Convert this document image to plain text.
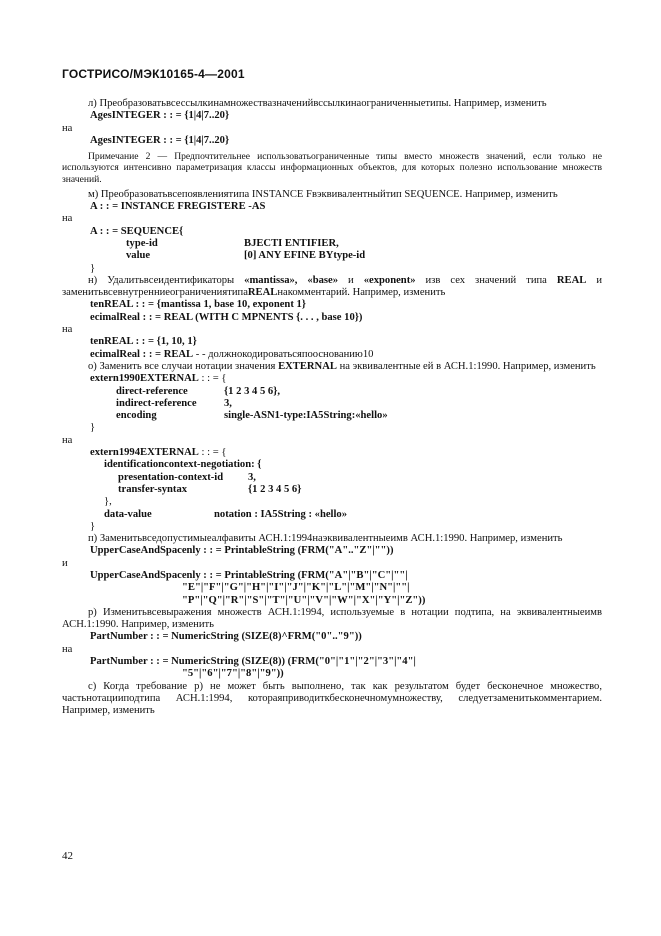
ГОСТРИСО/МЭК10165-4—2001
л) Преобразоватьвсессылкинамножествазначенийвссылкинаограниченныетипы. Например, изменить
AgesINTEGER : : = {1|4|7..20}
на
AgesINTEGER : : = {1|4|7..20}
Примечание 2 — Предпочтительнее использоватьограниченные типы вместо множеств значений, если только не используются интенсивно параметризация классы информационных объектов, для которых полезно использование множеств значений.
м) Преобразоватьвсепоявлениятипа INSTANCE Fвэквивалентныйтип SEQUENCE. Например, изменить
A : : = INSTANCE FREGISTERE -AS
на
A : : = SEQUENCE{
type-id	BJECTI ENTIFIER,
value	[0] ANY EFINE BYtype-id
}
н) Удалитьвсеидентификаторы «mantissa», «base» и «exponent» изв сех значений типа REAL и заменитьвсевнутренниеограничениятипаREALнакомментарий. Например, изменить
tenREAL : : = {mantissa 1, base 10, exponent 1}
ecimalReal : : = REAL (WITH C MPNENTS {. . . , base 10})
на
tenREAL : : = {1, 10, 1}
ecimalReal : : = REAL - - должнокодироватьсяпооснованию10
о) Заменить все случаи нотации значения EXTERNAL на эквивалентные ей в АСН.1:1990. Например, изменить
extern1990EXTERNAL : : = {
direct-reference	{1 2 3 4 5 6},
indirect-reference	3,
encoding	single-ASN1-type:IA5String:«hello»
}
на
extern1994EXTERNAL : : = {
identificationcontext-negotiation: {
presentation-context-id	3,
transfer-syntax	{1 2 3 4 5 6}
},
data-value	notation : IA5String : «hello»
}
п) Заменитьвседопустимыеалфавиты АСН.1:1994наэквивалентныеимв АСН.1:1990. Например, изменить
UpperCaseAndSpacenly : : = PrintableString (FRM("A".."Z"|""))
и
UpperCaseAndSpacenly : : = PrintableString (FRM("A"|"B"|"C"|""|
"E"|"F"|"G"|"H"|"I"|"J"|"K"|"L"|"M"|"N"|""|
"P"|"Q"|"R"|"S"|"T"|"U"|"V"|"W"|"X"|"Y"|"Z"))
р) Изменитьвсевыражения множеств АСН.1:1994, используемые в нотации подтипа, на эквивалентныеимв АСН.1:1990. Например, изменить
PartNumber : : = NumericString (SIZE(8)^FRM("0".."9"))
на
PartNumber : : = NumericString (SIZE(8)) (FRM("0"|"1"|"2"|"3"|"4"|
"5"|"6"|"7"|"8"|"9"))
с) Когда требование р) не может быть выполнено, так как результатом будет бесконечное множество, частьнотацииподтипа АСН.1:1994, котораяприводиткбесконечномумножеству, следуетзаменитькомментарием. Например, изменить
42
